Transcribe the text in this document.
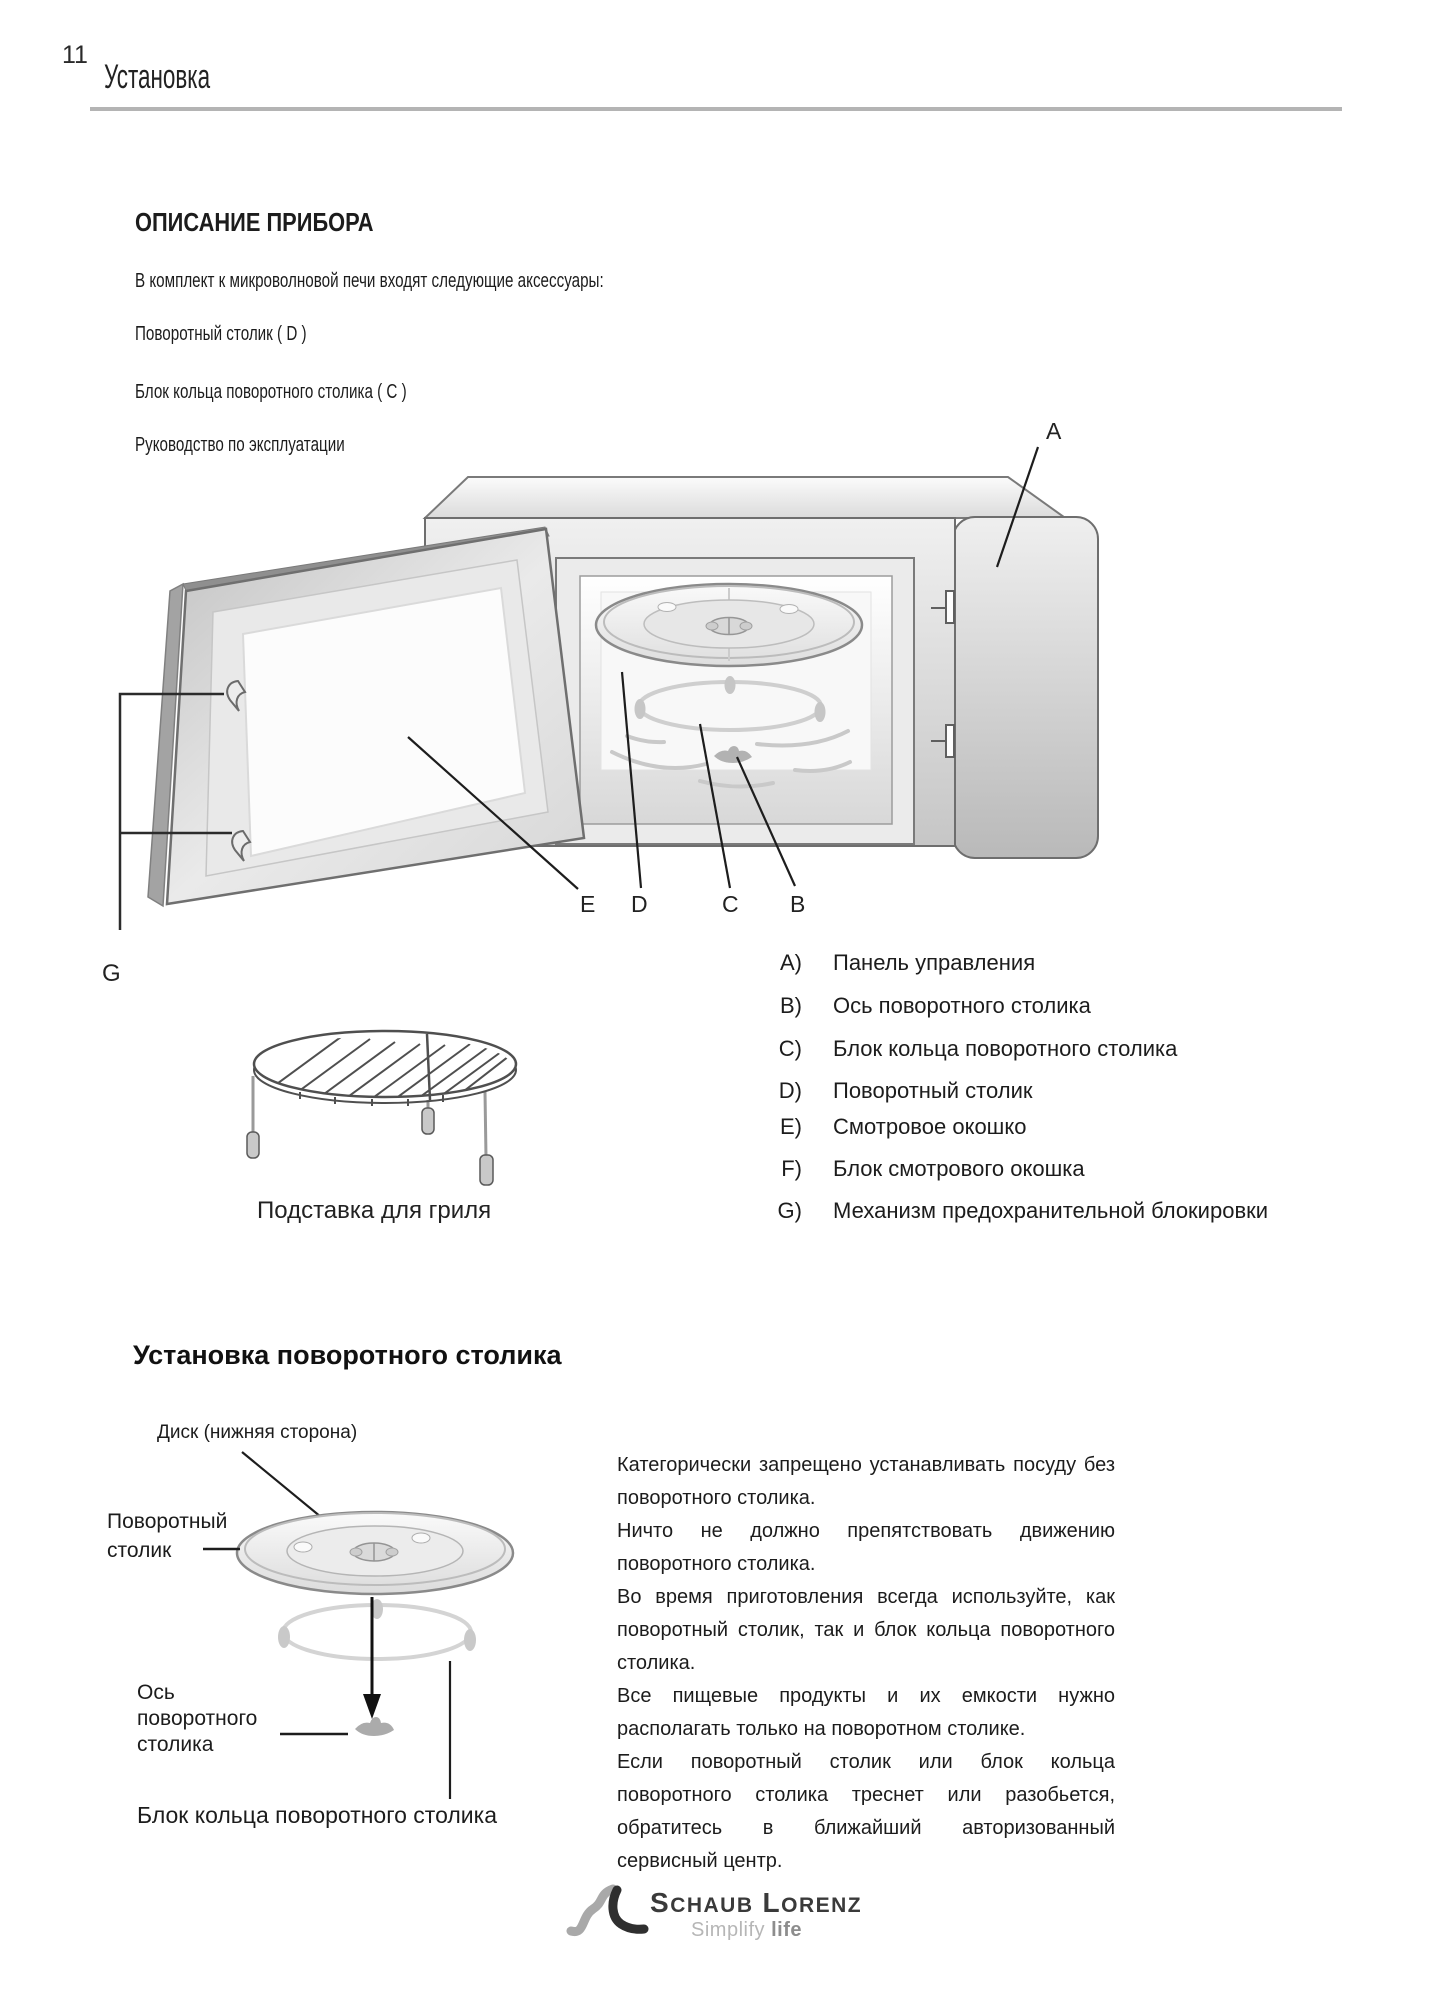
11
Установка
ОПИСАНИЕ ПРИБОРА
В комплект к микроволновой печи входят следующие аксессуары:
Поворотный столик ( D )
Блок кольца поворотного столика ( C )
Руководство по эксплуатации
A
E D	C B
G	A) Панель управления
B) Ось поворотного столика
C) Блок кольца поворотного столика
D) Поворотный столик
E) Смотровое окошко
F) Блок смотрового окошка
G) Механизм предохранительной блокировки
Подставка для гриля
Установка поворотного столика
Диск (нижняя сторона)
Поворотный
столик
Ось
поворотного
столика
Блок кольца поворотного столика

Категорически запрещено устанавливать посуду без поворотного столика.

Ничто не должно препятствовать движению поворотного столика.

Во время приготовления всегда используйте, как поворотный столик, так и блок кольца поворотного столика.

Все пищевые продукты и их емкости нужно располагать только на поворотном столике.

Если поворотный столик или блок кольца поворотного столика треснет или разобьется, обратитесь в ближайший авторизованный сервисный центр.

SCHAUB LORENZ
Simplify life
